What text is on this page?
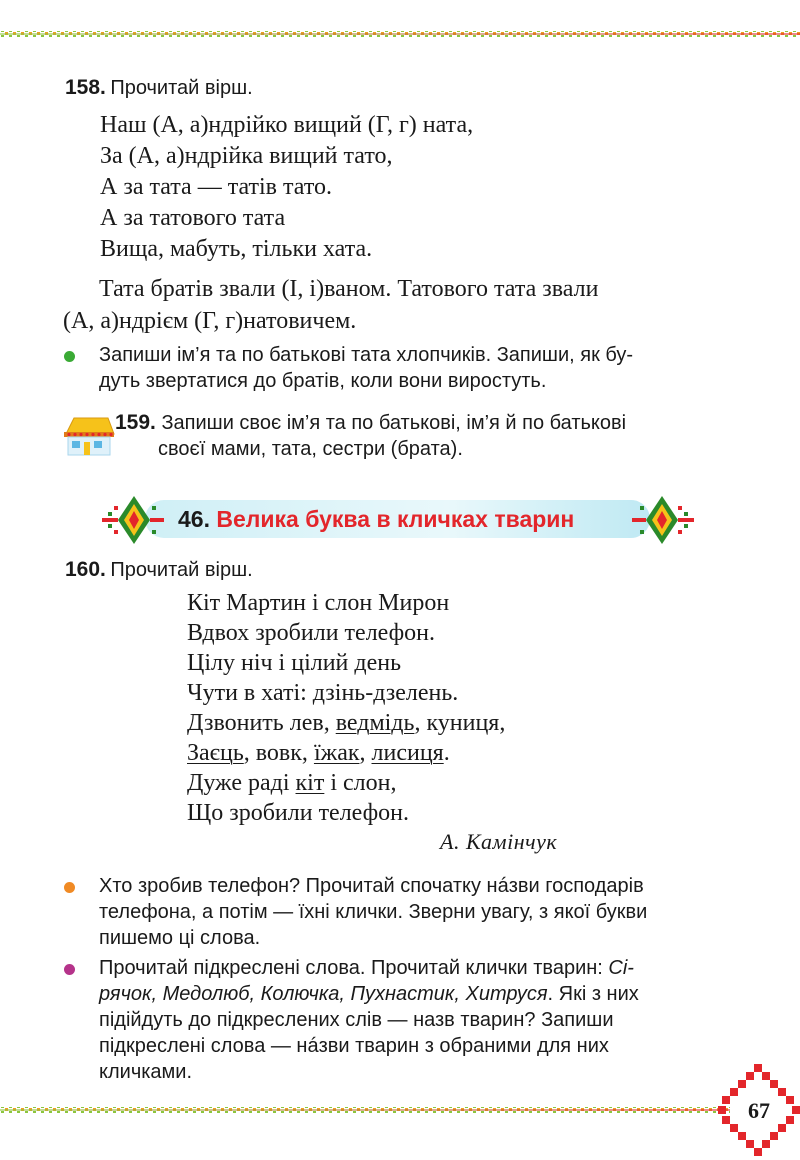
158. Прочитай вірш.
Наш (А, а)ндрійко вищий (Г, г) ната,
За (А, а)ндрійка вищий тато,
А за тата — татів тато.
А за татового тата
Вища, мабуть, тільки хата.
Тата братів звали (І, і)ваном. Татового тата звали
(А, а)ндрієм (Г, г)натовичем.
Запиши ім’я та по батькові тата хлопчиків. Запиши, як бу-
дуть звертатися до братів, коли вони виростуть.
159. Запиши своє ім’я та по батькові, ім’я й по батькові
своєї мами, тата, сестри (брата).
46. Велика буква в кличках тварин
160. Прочитай вірш.
Кіт Мартин і слон Мирон
Вдвох зробили телефон.
Цілу ніч і цілий день
Чути в хаті: дзінь-дзелень.
Дзвонить лев, ведмідь, куниця,
Заєць, вовк, їжак, лисиця.
Дуже раді кіт і слон,
Що зробили телефон.
А. Камінчук
Хто зробив телефон? Прочитай спочатку нáзви господарів
телефона, а потім — їхні клички. Зверни увагу, з якої букви
пишемо ці слова.
Прочитай підкреслені слова. Прочитай клички тварин: Сі-
рячок, Медолюб, Колючка, Пухнастик, Хитруся. Які з них
підійдуть до підкреслених слів — назв тварин? Запиши
підкреслені слова — нáзви тварин з обраними для них
кличками.
67
